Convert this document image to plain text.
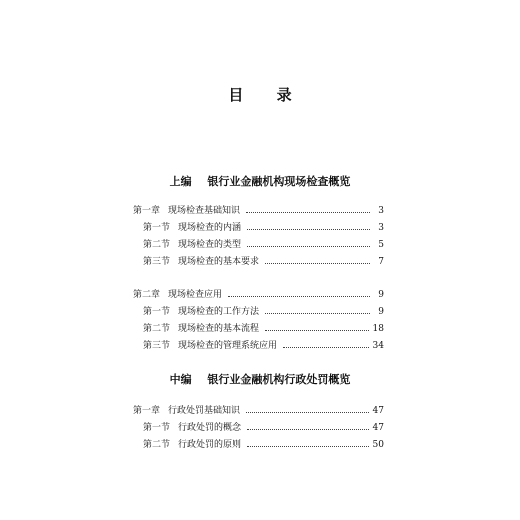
目 录
上编 银行业金融机构现场检查概览
第一章 现场检查基础知识	3
第一节 现场检查的内涵	3
第二节 现场检查的类型	5
第三节 现场检查的基本要求	7
第二章 现场检查应用	9
第一节 现场检查的工作方法	9
第二节 现场检查的基本流程	18
第三节 现场检查的管理系统应用	34
中编 银行业金融机构行政处罚概览
第一章 行政处罚基础知识	47
第一节 行政处罚的概念	47
第二节 行政处罚的原则	50
